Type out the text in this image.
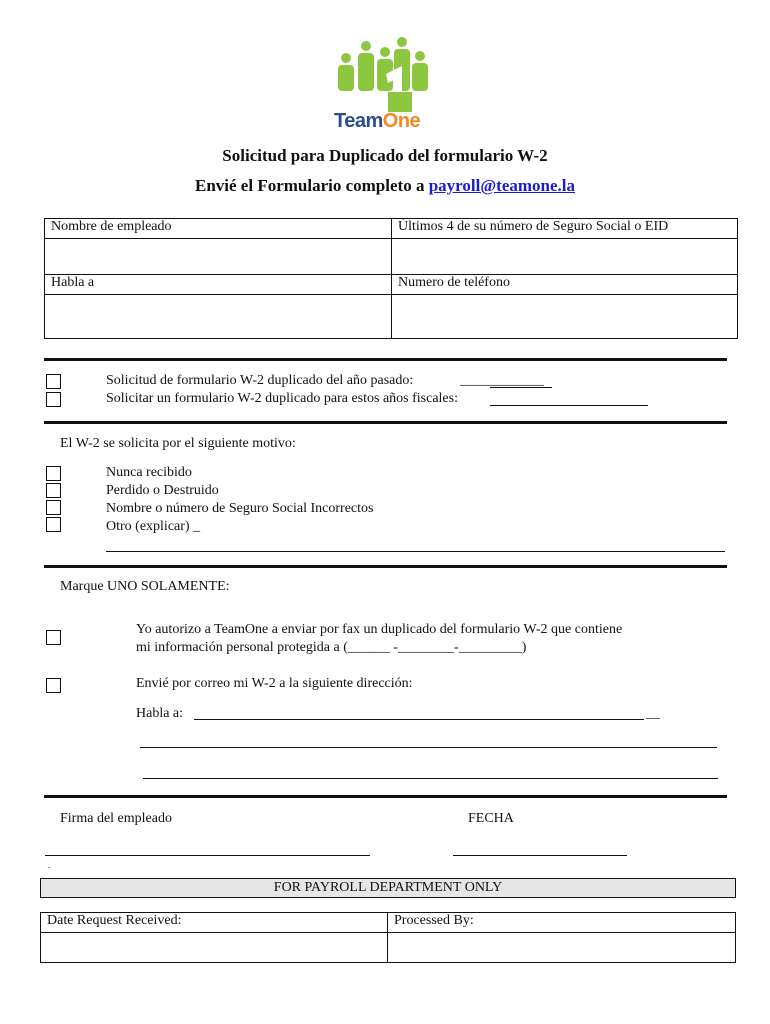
TeamOne
Solicitud para Duplicado del formulario W-2
Envié el Formulario completo a payroll@teamone.la
Nombre de empleado	Últimos 4 de su número de Seguro Social o EID

Habla a	Numero de teléfono

Solicitud de formulario W-2 duplicado del año pasado:	____________
Solicitar un formulario W-2 duplicado para estos años fiscales:
El W-2 se solicita por el siguiente motivo:
Nunca recibido
Perdido o Destruido
Nombre o número de Seguro Social Incorrectos
Otro (explicar) _
Marque UNO SOLAMENTE:
Yo autorizo a TeamOne a enviar por fax un duplicado del formulario W-2 que contiene
mi información personal protegida a (______ -________-_________)
Envié por correo mi W-2 a la siguiente dirección:
Habla a:	__
Firma del empleado	FECHA
.
FOR PAYROLL DEPARTMENT ONLY
Date Request Received:	Processed By:
